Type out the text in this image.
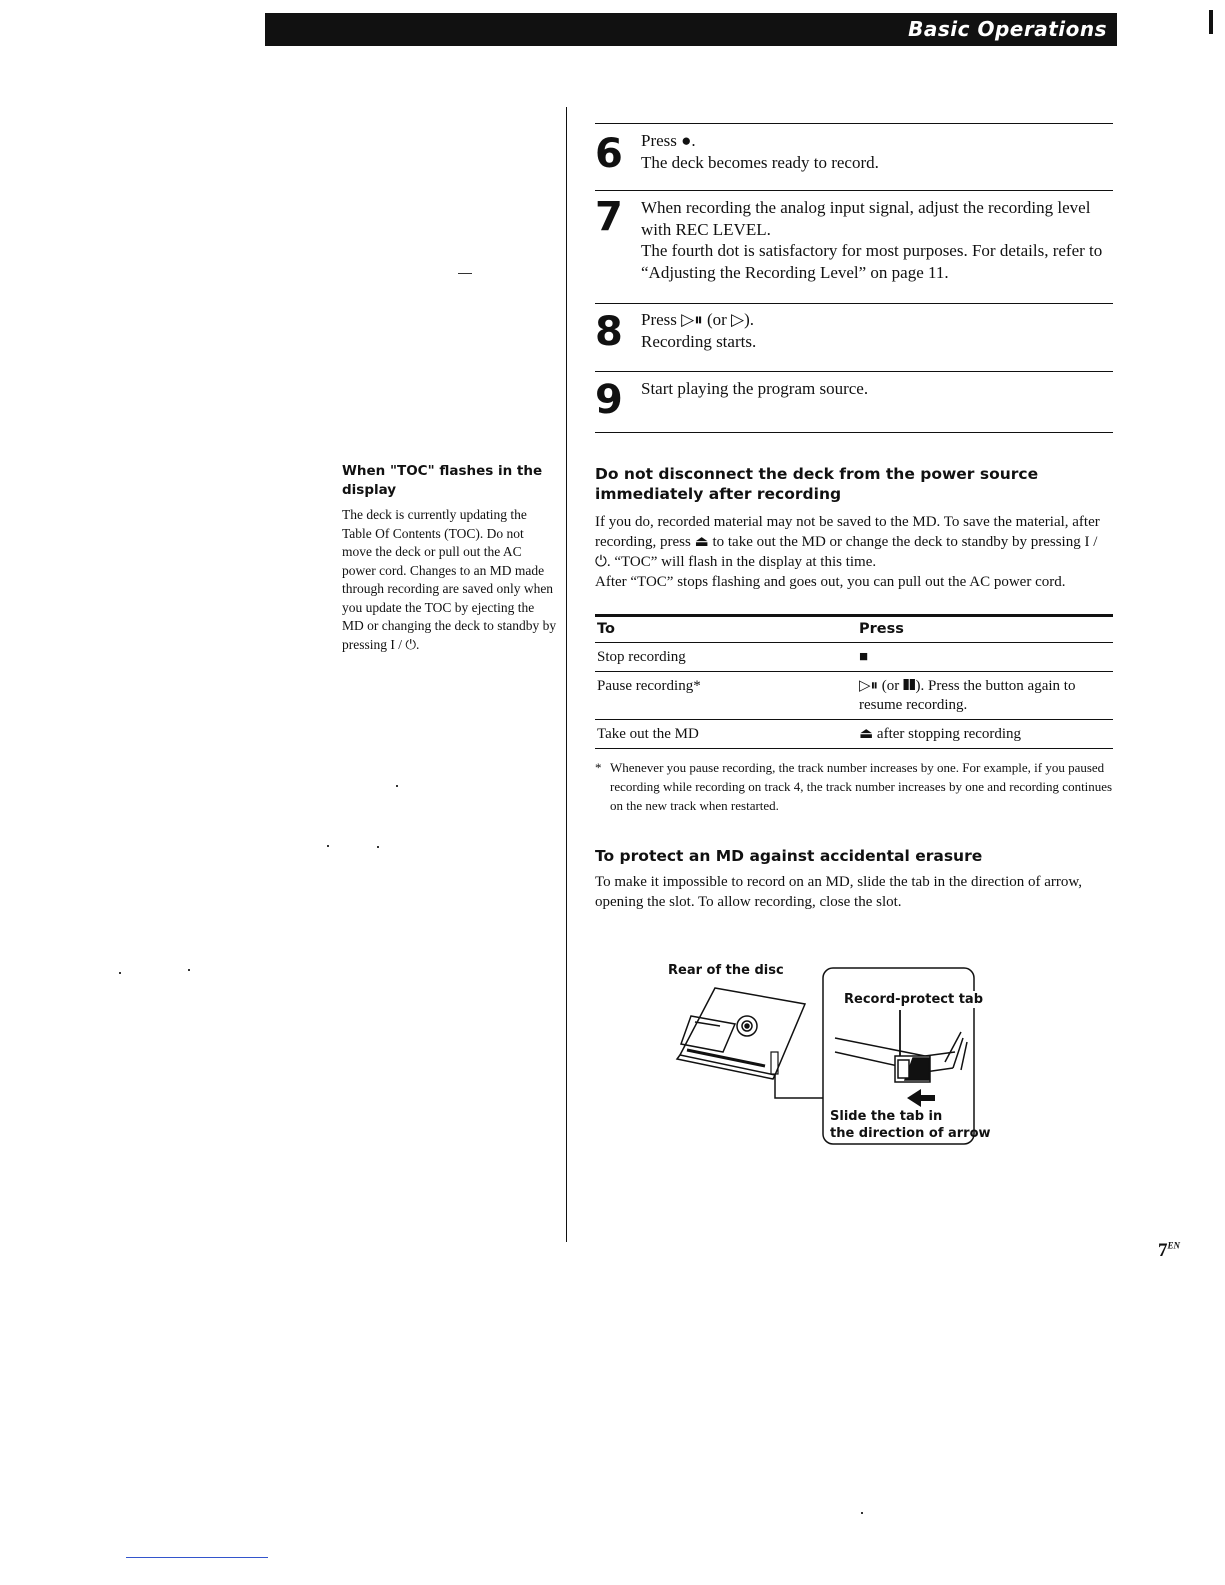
Basic Operations

When "TOC" flashes in the display

The deck is currently updating the Table Of Contents (TOC). Do not move the deck or pull out the AC power cord. Changes to an MD made through recording are saved only when you update the TOC by ejecting the MD or changing the deck to standby by pressing I / ⏻.

6 Press ●.

The deck becomes ready to record.

7 When recording the analog input signal, adjust the recording level with REC LEVEL.

The fourth dot is satisfactory for most purposes. For details, refer to “Adjusting the Recording Level” on page 11.

8 Press ▷⏸ (or ▷).

Recording starts.

9 Start playing the program source.

Do not disconnect the deck from the power source immediately after recording

If you do, recorded material may not be saved to the MD. To save the material, after recording, press ⏏ to take out the MD or change the deck to standby by pressing I / ⏻. “TOC” will flash in the display at this time.

After “TOC” stops flashing and goes out, you can pull out the AC power cord.

To	Press
Stop recording	■
Pause recording*	▷⏸ (or ❚❚). Press the button again to resume recording.
Take out the MD	⏏ after stopping recording

* Whenever you pause recording, the track number increases by one. For example, if you paused recording while recording on track 4, the track number increases by one and recording continues on the new track when restarted.

To protect an MD against accidental erasure

To make it impossible to record on an MD, slide the tab in the direction of arrow, opening the slot. To allow recording, close the slot.

Rear of the disc
Record-protect tab
Slide the tab in
the direction of arrow
$7^{EN}$
